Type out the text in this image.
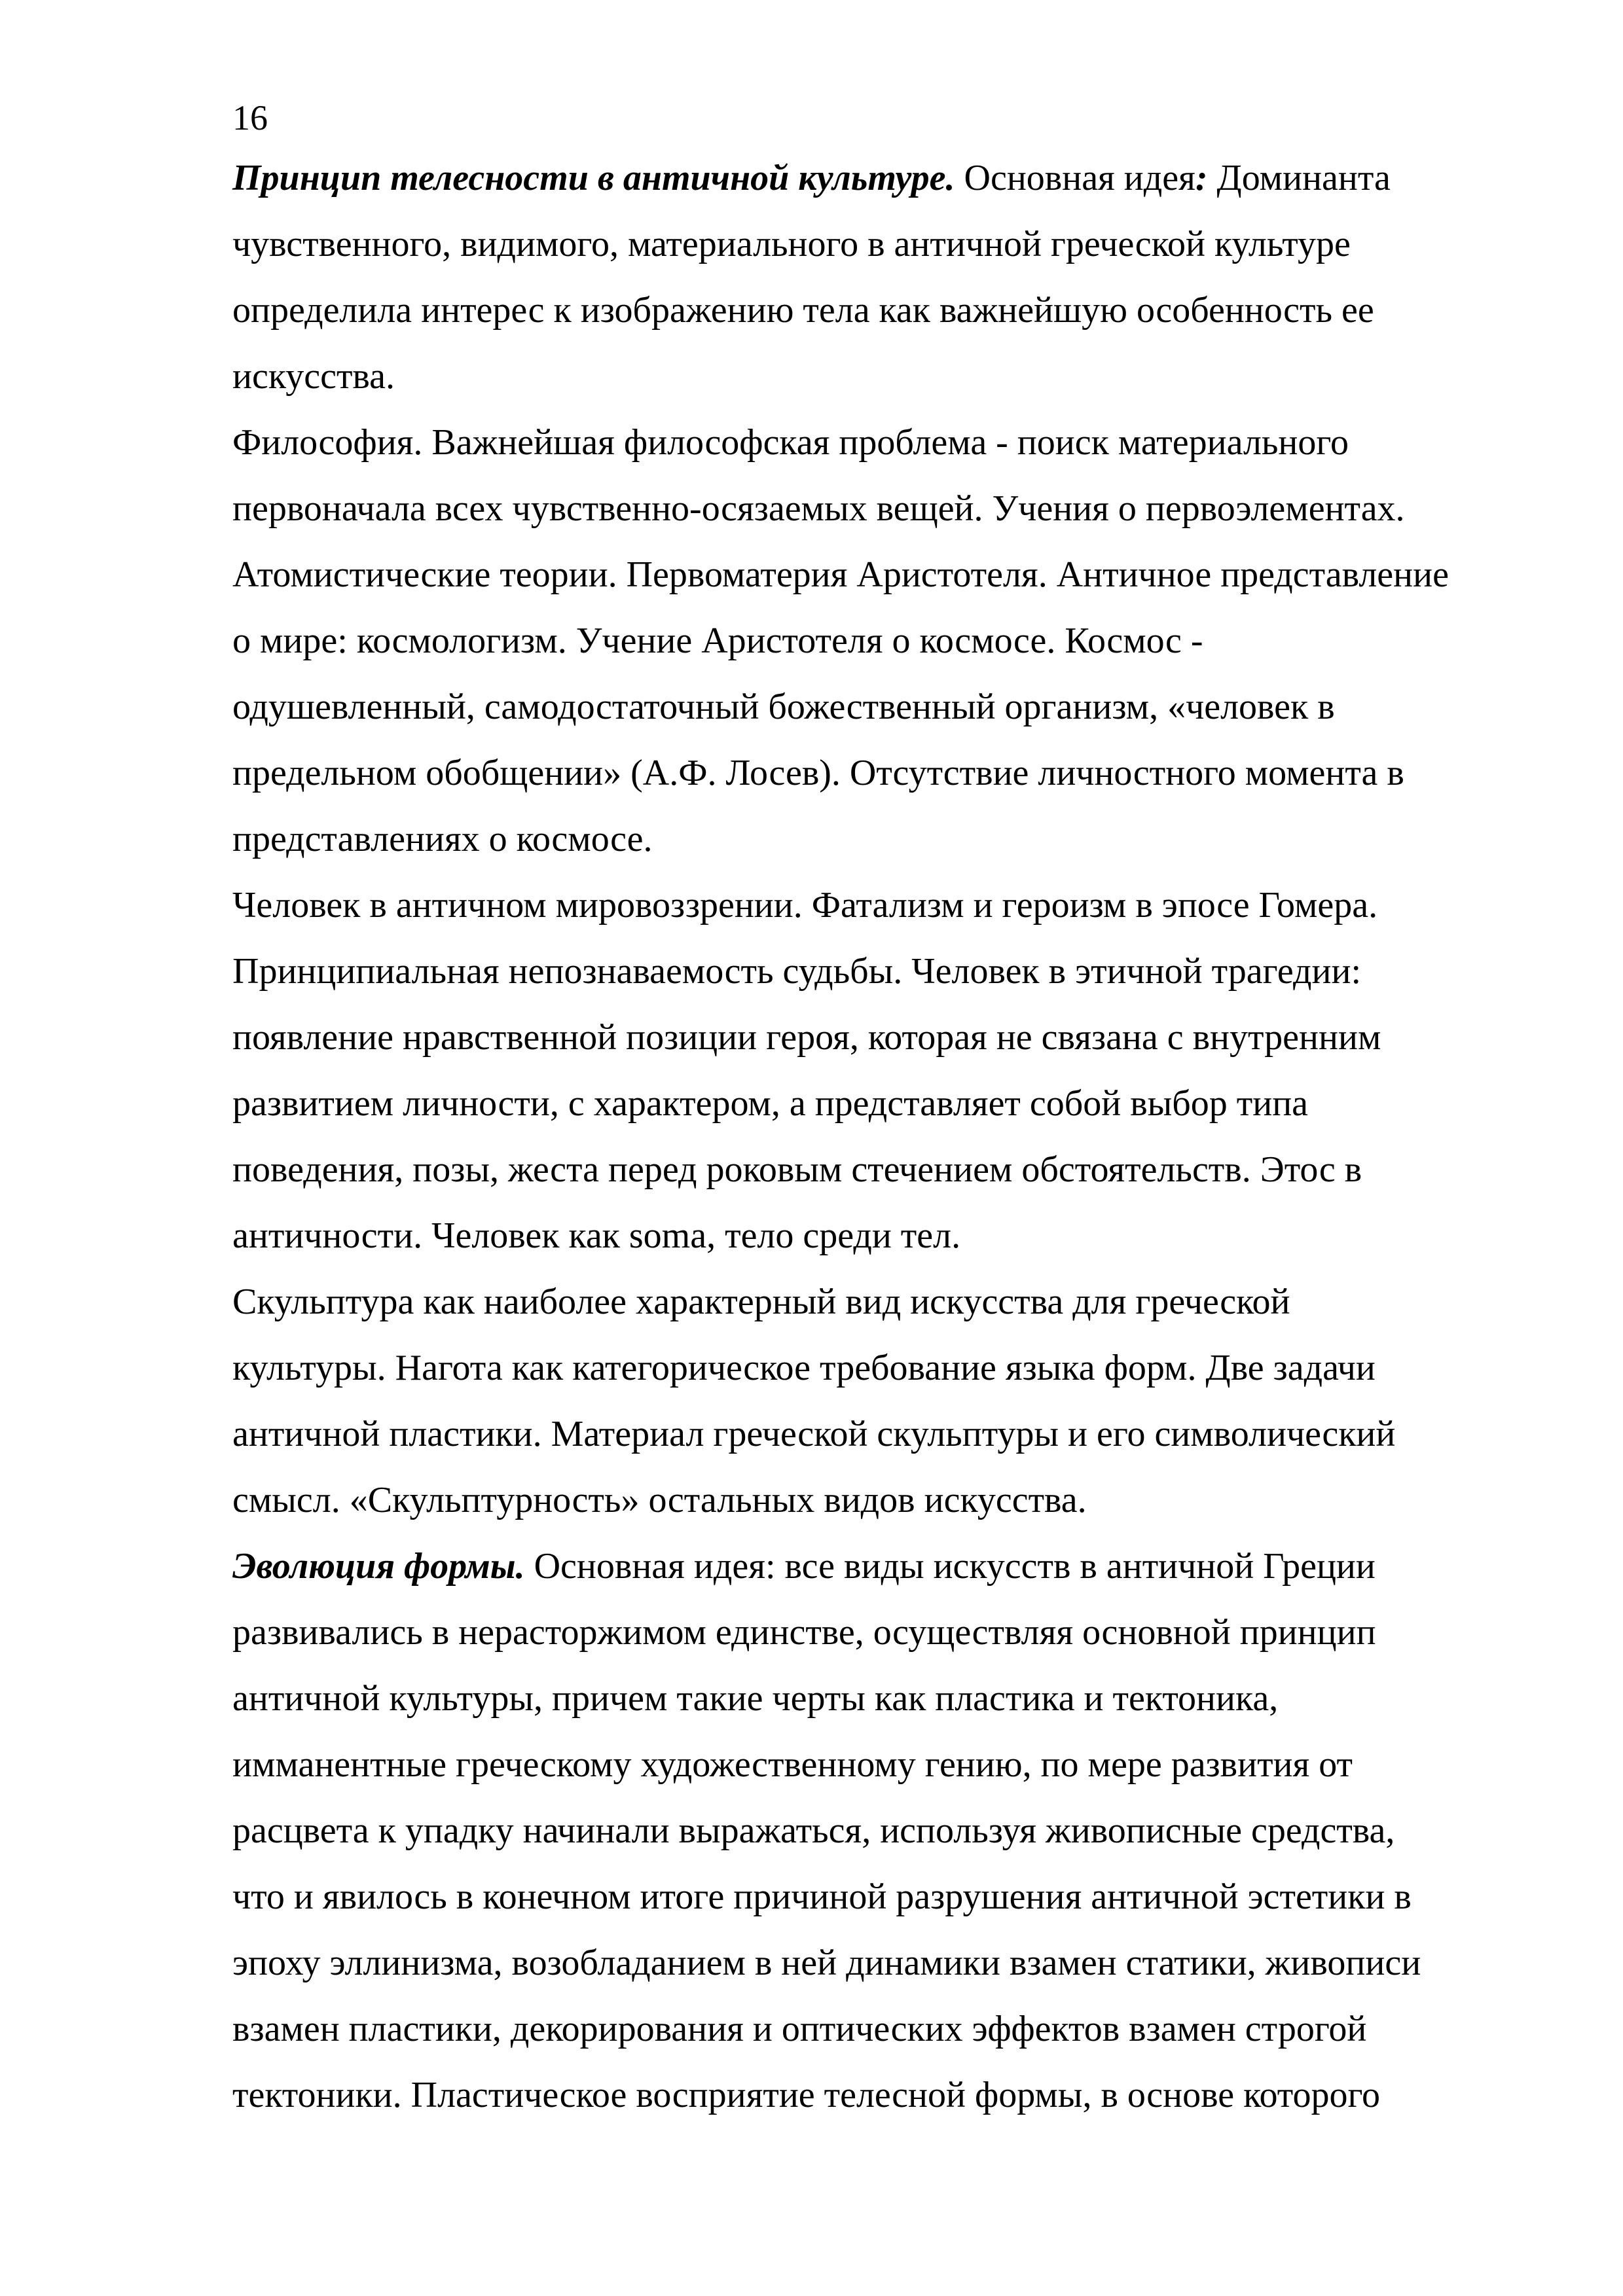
16
Принцип телесности в античной культуре. Основная идея: Доминанта
чувственного, видимого, материального в античной греческой культуре
определила интерес к изображению тела как важнейшую особенность ее
искусства.
Философия. Важнейшая философская проблема - поиск материального
первоначала всех чувственно-осязаемых вещей. Учения о первоэлементах.
Атомистические теории. Первоматерия Аристотеля. Античное представление
о мире: космологизм. Учение Аристотеля о космосе. Космос -
одушевленный, самодостаточный божественный организм, «человек в
предельном обобщении» (А.Ф. Лосев). Отсутствие личностного момента в
представлениях о космосе.
Человек в античном мировоззрении. Фатализм и героизм в эпосе Гомера.
Принципиальная непознаваемость судьбы. Человек в этичной трагедии:
появление нравственной позиции героя, которая не связана с внутренним
развитием личности, с характером, а представляет собой выбор типа
поведения, позы, жеста перед роковым стечением обстоятельств. Этос в
античности. Человек как soma, тело среди тел.
Скульптура как наиболее характерный вид искусства для греческой
культуры. Нагота как категорическое требование языка форм. Две задачи
античной пластики. Материал греческой скульптуры и его символический
смысл. «Скульптурность» остальных видов искусства.
Эволюция формы. Основная идея: все виды искусств в античной Греции
развивались в нерасторжимом единстве, осуществляя основной принцип
античной культуры, причем такие черты как пластика и тектоника,
имманентные греческому художественному гению, по мере развития от
расцвета к упадку начинали выражаться, используя живописные средства,
что и явилось в конечном итоге причиной разрушения античной эстетики в
эпоху эллинизма, возобладанием в ней динамики взамен статики, живописи
взамен пластики, декорирования и оптических эффектов взамен строгой
тектоники. Пластическое восприятие телесной формы, в основе которого
